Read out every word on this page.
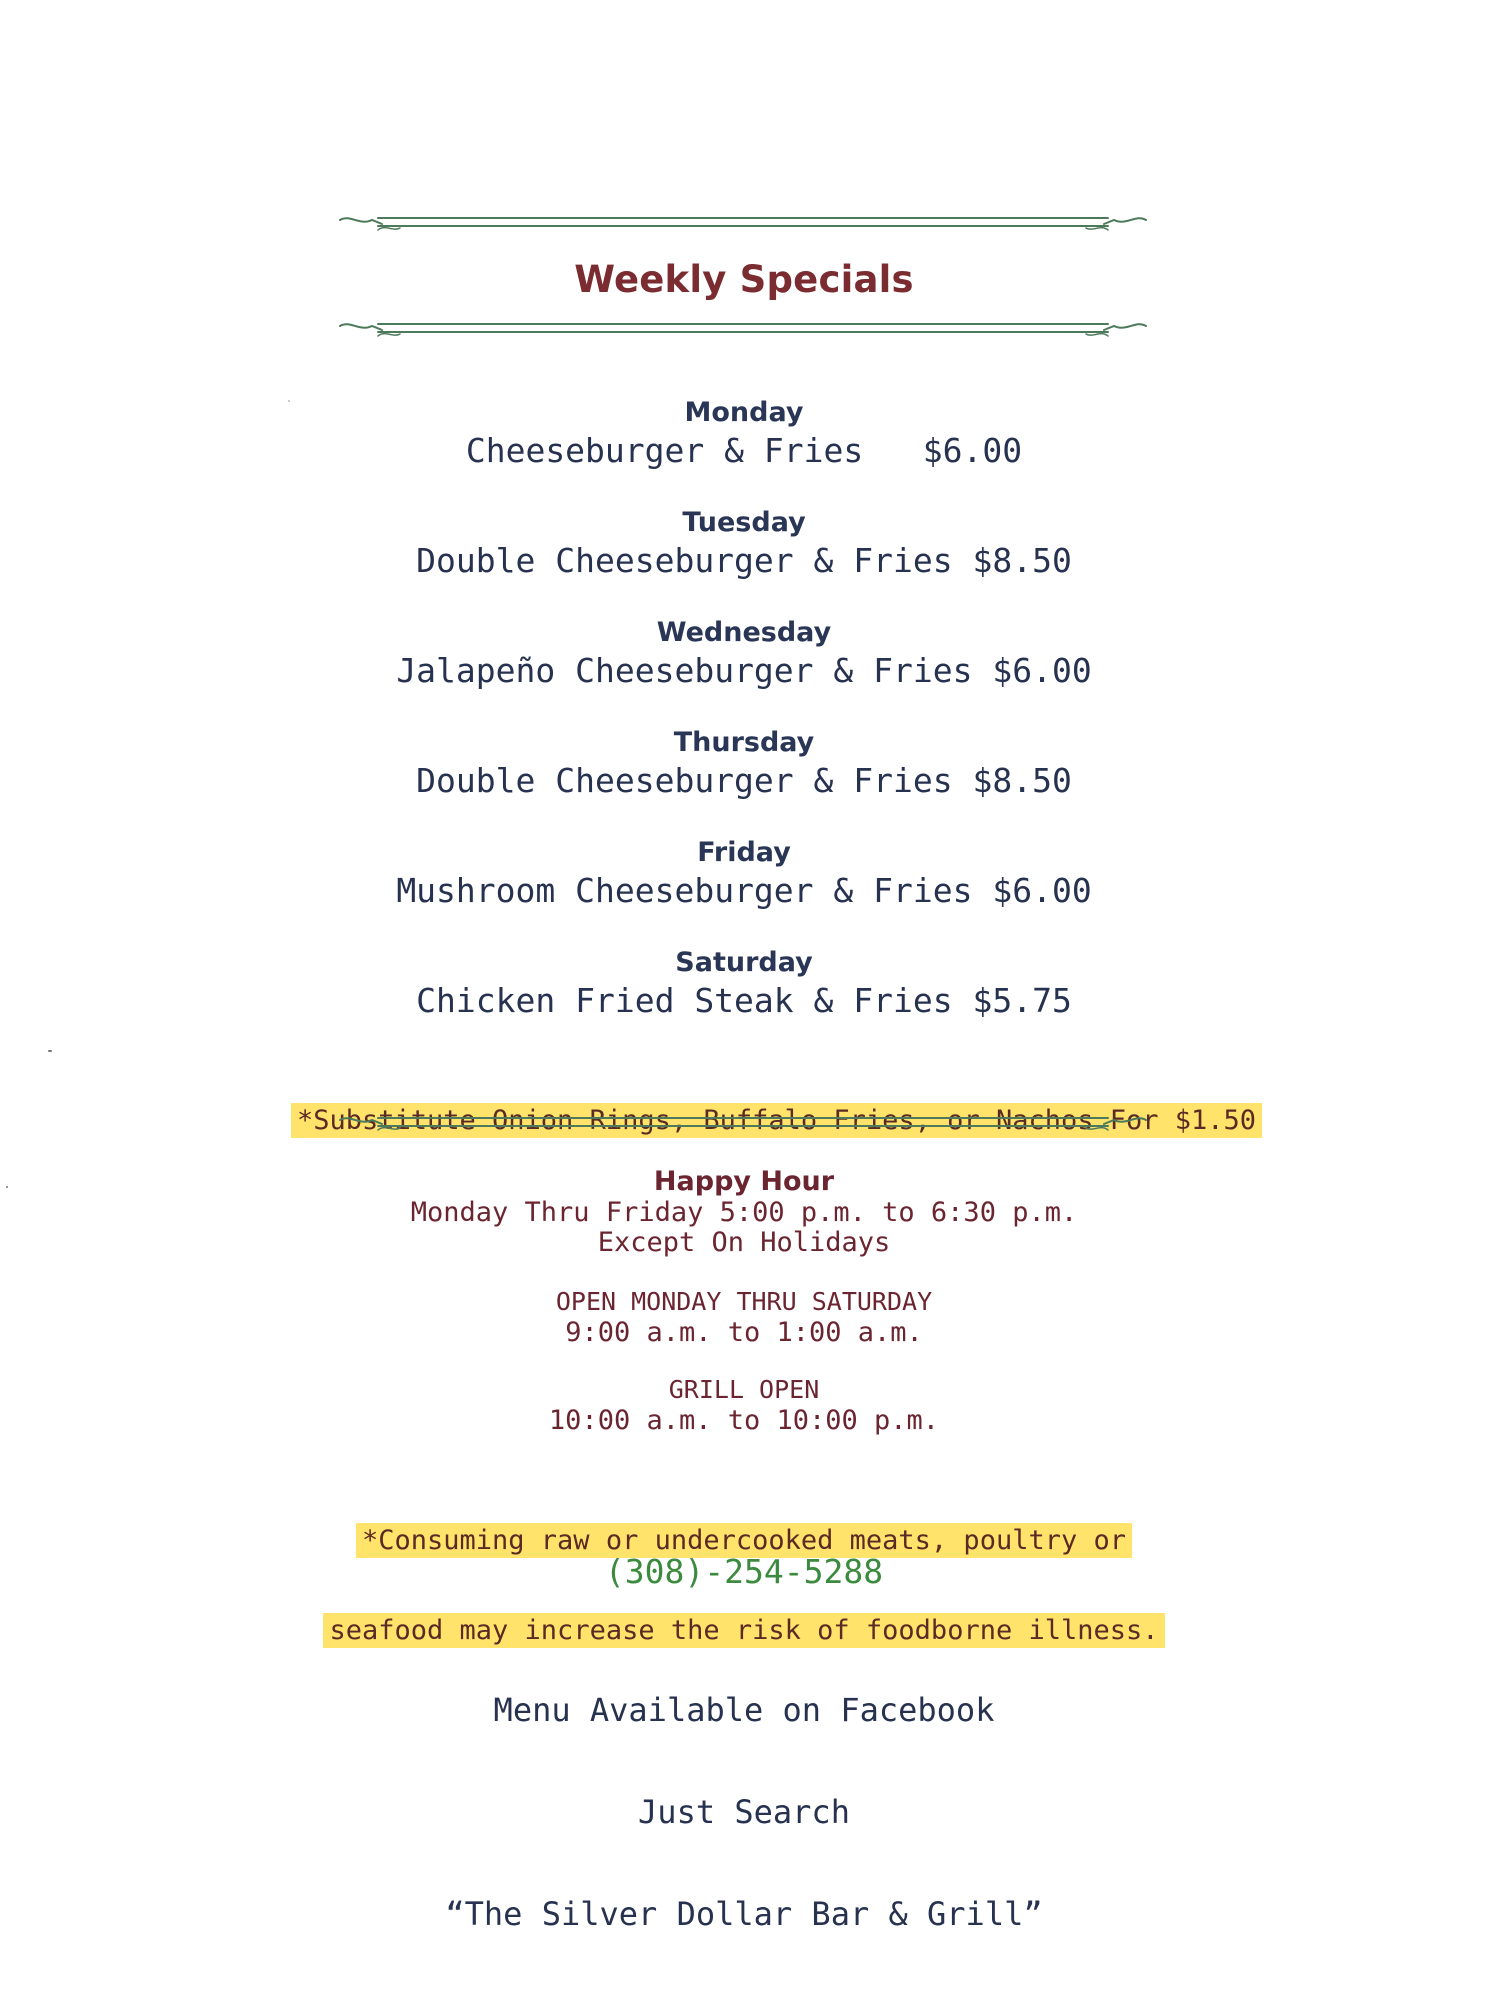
Weekly Specials
Monday
Cheeseburger & Fries   $6.00
Tuesday
Double Cheeseburger & Fries $8.50
Wednesday
Jalapeño Cheeseburger & Fries $6.00
Thursday
Double Cheeseburger & Fries $8.50
Friday
Mushroom Cheeseburger & Fries $6.00
Saturday
Chicken Fried Steak & Fries $5.75

*Substitute Onion Rings, Buffalo Fries, or Nachos For $1.50

Happy Hour
Monday Thru Friday 5:00 p.m. to 6:30 p.m.
Except On Holidays
OPEN MONDAY THRU SATURDAY
9:00 a.m. to 1:00 a.m.
GRILL OPEN
10:00 a.m. to 10:00 p.m.

*Consuming raw or undercooked meats, poultry or

seafood may increase the risk of foodborne illness.

(308)-254-5288

Menu Available on Facebook

Just Search

“The Silver Dollar Bar & Grill”
